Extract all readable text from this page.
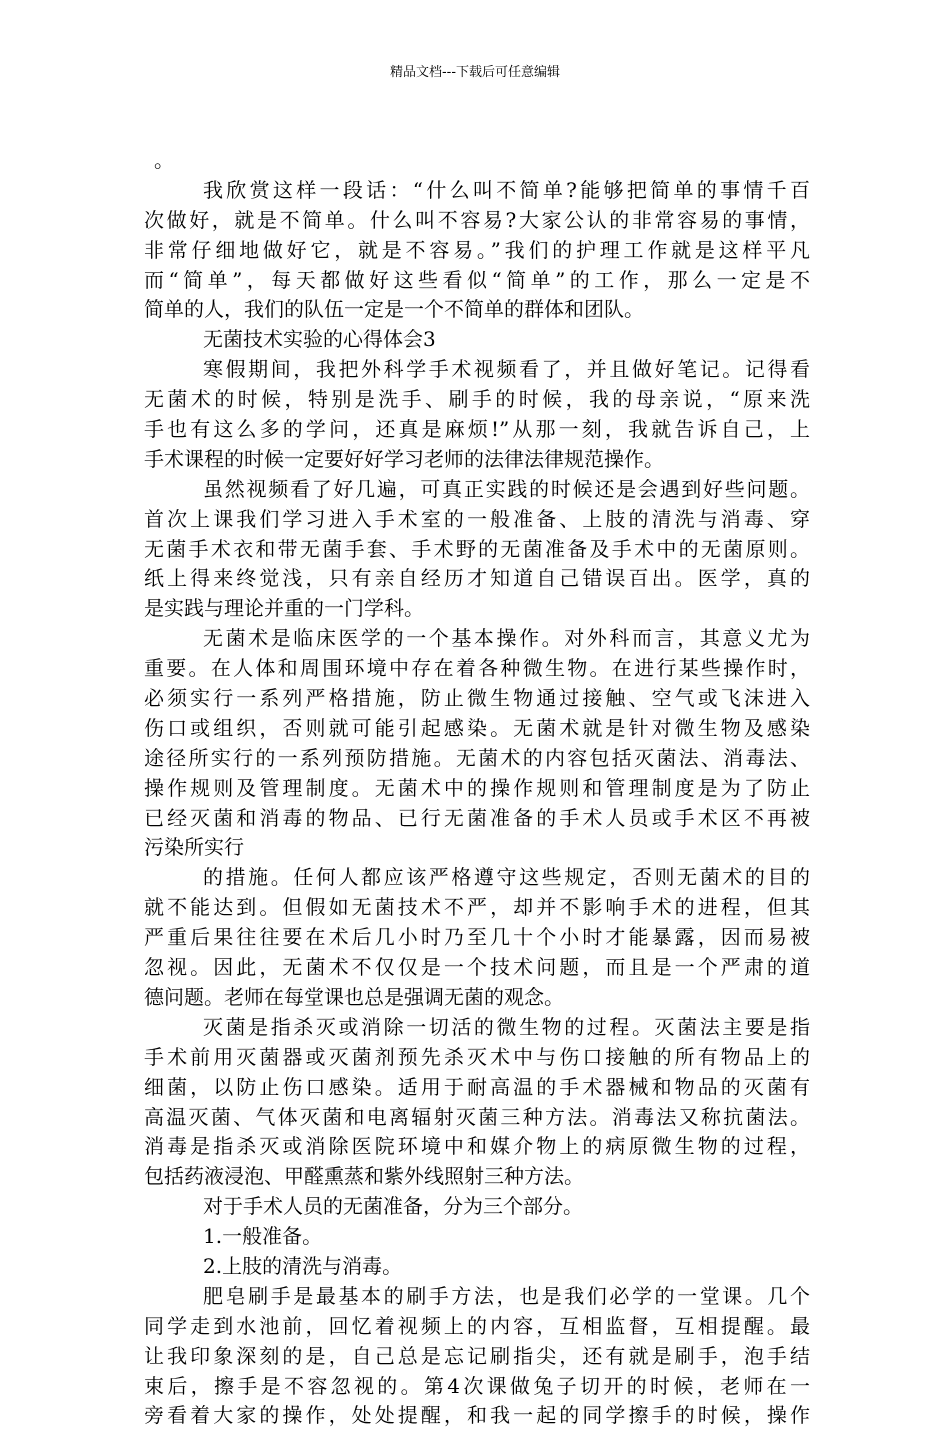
精品文档---下载后可任意编辑
。
我欣赏这样一段话：“什么叫不简单?能够把简单的事情千百
次做好，就是不简单。什么叫不容易?大家公认的非常容易的事情，
非常仔细地做好它，就是不容易。”我们的护理工作就是这样平凡
而“简单”，每天都做好这些看似“简单”的工作，那么一定是不
简单的人，我们的队伍一定是一个不简单的群体和团队。
无菌技术实验的心得体会3
寒假期间，我把外科学手术视频看了，并且做好笔记。记得看
无菌术的时候，特别是洗手、刷手的时候，我的母亲说，“原来洗
手也有这么多的学问，还真是麻烦!”从那一刻，我就告诉自己，上
手术课程的时候一定要好好学习老师的法律法律规范操作。
虽然视频看了好几遍，可真正实践的时候还是会遇到好些问题。
首次上课我们学习进入手术室的一般准备、上肢的清洗与消毒、穿
无菌手术衣和带无菌手套、手术野的无菌准备及手术中的无菌原则。
纸上得来终觉浅，只有亲自经历才知道自己错误百出。医学，真的
是实践与理论并重的一门学科。
无菌术是临床医学的一个基本操作。对外科而言，其意义尤为
重要。在人体和周围环境中存在着各种微生物。在进行某些操作时，
必须实行一系列严格措施，防止微生物通过接触、空气或飞沫进入
伤口或组织，否则就可能引起感染。无菌术就是针对微生物及感染
途径所实行的一系列预防措施。无菌术的内容包括灭菌法、消毒法、
操作规则及管理制度。无菌术中的操作规则和管理制度是为了防止
已经灭菌和消毒的物品、已行无菌准备的手术人员或手术区不再被
污染所实行
的措施。任何人都应该严格遵守这些规定，否则无菌术的目的
就不能达到。但假如无菌技术不严，却并不影响手术的进程，但其
严重后果往往要在术后几小时乃至几十个小时才能暴露，因而易被
忽视。因此，无菌术不仅仅是一个技术问题，而且是一个严肃的道
德问题。老师在每堂课也总是强调无菌的观念。
灭菌是指杀灭或消除一切活的微生物的过程。灭菌法主要是指
手术前用灭菌器或灭菌剂预先杀灭术中与伤口接触的所有物品上的
细菌，以防止伤口感染。适用于耐高温的手术器械和物品的灭菌有
高温灭菌、气体灭菌和电离辐射灭菌三种方法。消毒法又称抗菌法。
消毒是指杀灭或消除医院环境中和媒介物上的病原微生物的过程，
包括药液浸泡、甲醛熏蒸和紫外线照射三种方法。
对于手术人员的无菌准备，分为三个部分。
1.一般准备。
2.上肢的清洗与消毒。
肥皂刷手是最基本的刷手方法，也是我们必学的一堂课。几个
同学走到水池前，回忆着视频上的内容，互相监督，互相提醒。最
让我印象深刻的是，自己总是忘记刷指尖，还有就是刷手，泡手结
束后，擦手是不容忽视的。第4次课做兔子切开的时候，老师在一
旁看着大家的操作，处处提醒，和我一起的同学擦手的时候，操作
